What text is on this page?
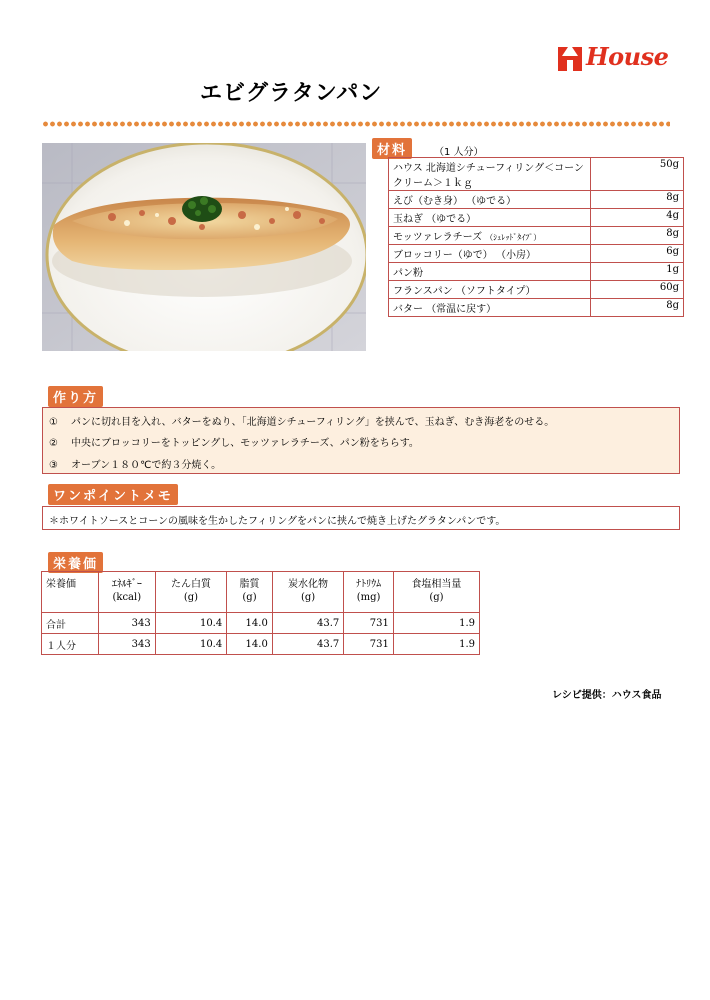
House
エビグラタンパン
材料	（1 人分）
ハウス 北海道シチューフィリング＜コーンクリーム＞１ｋｇ	50g
えび（むき身） （ゆでる）	8g
玉ねぎ （ゆでる）	4g
モッツァレラチーズ （ｼｭﾚｯﾄﾞﾀｲﾌﾟ）	8g
ブロッコリー（ゆで） （小房）	6g
パン粉	1g
フランスパン （ソフトタイプ）	60g
バター （常温に戻す）	8g
作り方
① パンに切れ目を入れ、バターをぬり、「北海道シチューフィリング」を挟んで、玉ねぎ、むき海老をのせる。
② 中央にブロッコリーをトッピングし、モッツァレラチーズ、パン粉をちらす。
③ オーブン１８０℃で約３分焼く。
ワンポイントメモ
＊ホワイトソースとコーンの風味を生かしたフィリングをパンに挟んで焼き上げたグラタンパンです。
栄養価
栄養価	ｴﾈﾙｷﾞｰ	たん白質	脂質	炭水化物	ﾅﾄﾘｳﾑ	食塩相当量
	(kcal)	(g)	(g)	(g)	(mg)	(g)
合計	343	10.4	14.0	43.7	731	1.9
１人分	343	10.4	14.0	43.7	731	1.9
レシピ提供：ハウス食品
